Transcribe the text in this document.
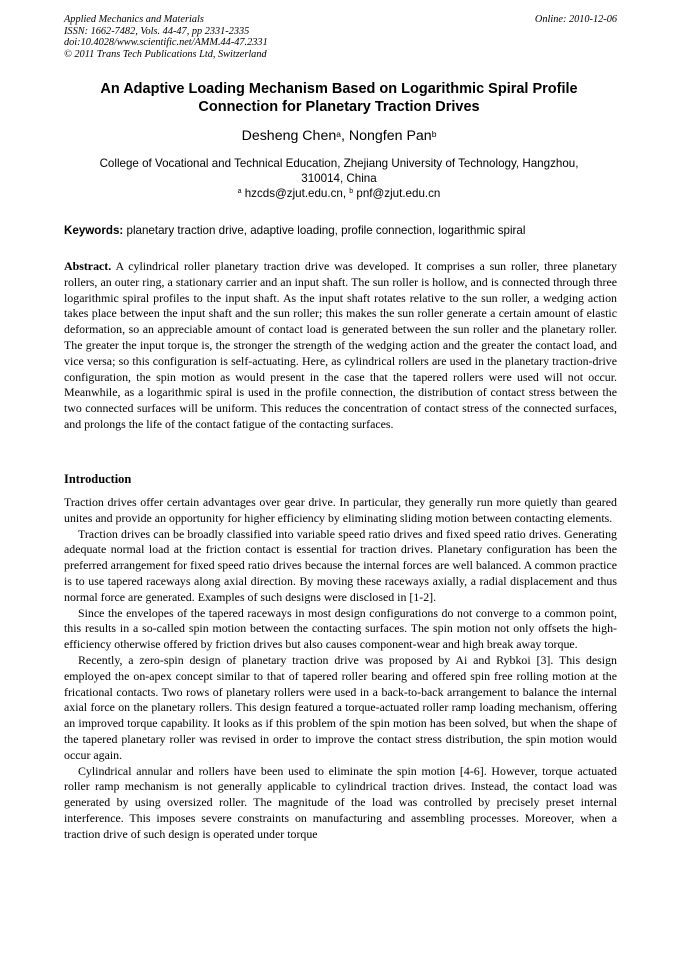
Applied Mechanics and Materials
ISSN: 1662-7482, Vols. 44-47, pp 2331-2335
doi:10.4028/www.scientific.net/AMM.44-47.2331
© 2011 Trans Tech Publications Ltd, Switzerland
Online: 2010-12-06
An Adaptive Loading Mechanism Based on Logarithmic Spiral Profile
Connection for Planetary Traction Drives
Desheng Chen$^a$, Nongfen Pan$^b$
College of Vocational and Technical Education, Zhejiang University of Technology, Hangzhou,
310014, China
$^a$ hzcds@zjut.edu.cn, $^b$ pnf@zjut.edu.cn
Keywords: planetary traction drive, adaptive loading, profile connection, logarithmic spiral

Abstract. A cylindrical roller planetary traction drive was developed. It comprises a sun roller, three planetary rollers, an outer ring, a stationary carrier and an input shaft. The sun roller is hollow, and is connected through three logarithmic spiral profiles to the input shaft. As the input shaft rotates relative to the sun roller, a wedging action takes place between the input shaft and the sun roller; this makes the sun roller generate a certain amount of elastic deformation, so an appreciable amount of contact load is generated between the sun roller and the planetary roller. The greater the input torque is, the stronger the strength of the wedging action and the greater the contact load, and vice versa; so this configuration is self-actuating. Here, as cylindrical rollers are used in the planetary traction-drive configuration, the spin motion as would present in the case that the tapered rollers were used will not occur. Meanwhile, as a logarithmic spiral is used in the profile connection, the distribution of contact stress between the two connected surfaces will be uniform. This reduces the concentration of contact stress of the connected surfaces, and prolongs the life of the contact fatigue of the contacting surfaces.

Introduction

Traction drives offer certain advantages over gear drive. In particular, they generally run more quietly than geared unites and provide an opportunity for higher efficiency by eliminating sliding motion between contacting elements.

Traction drives can be broadly classified into variable speed ratio drives and fixed speed ratio drives. Generating adequate normal load at the friction contact is essential for traction drives. Planetary configuration has been the preferred arrangement for fixed speed ratio drives because the internal forces are well balanced. A common practice is to use tapered raceways along axial direction. By moving these raceways axially, a radial displacement and thus normal force are generated. Examples of such designs were disclosed in [1-2].

Since the envelopes of the tapered raceways in most design configurations do not converge to a common point, this results in a so-called spin motion between the contacting surfaces. The spin motion not only offsets the high-efficiency otherwise offered by friction drives but also causes component-wear and high break away torque.

Recently, a zero-spin design of planetary traction drive was proposed by Ai and Rybkoi [3]. This design employed the on-apex concept similar to that of tapered roller bearing and offered spin free rolling motion at the fricational contacts. Two rows of planetary rollers were used in a back-to-back arrangement to balance the internal axial force on the planetary rollers. This design featured a torque-actuated roller ramp loading mechanism, offering an improved torque capability. It looks as if this problem of the spin motion has been solved, but when the shape of the tapered planetary roller was revised in order to improve the contact stress distribution, the spin motion would occur again.

Cylindrical annular and rollers have been used to eliminate the spin motion [4-6]. However, torque actuated roller ramp mechanism is not generally applicable to cylindrical traction drives. Instead, the contact load was generated by using oversized roller. The magnitude of the load was controlled by precisely preset internal interference. This imposes severe constraints on manufacturing and assembling processes. Moreover, when a traction drive of such design is operated under torque
